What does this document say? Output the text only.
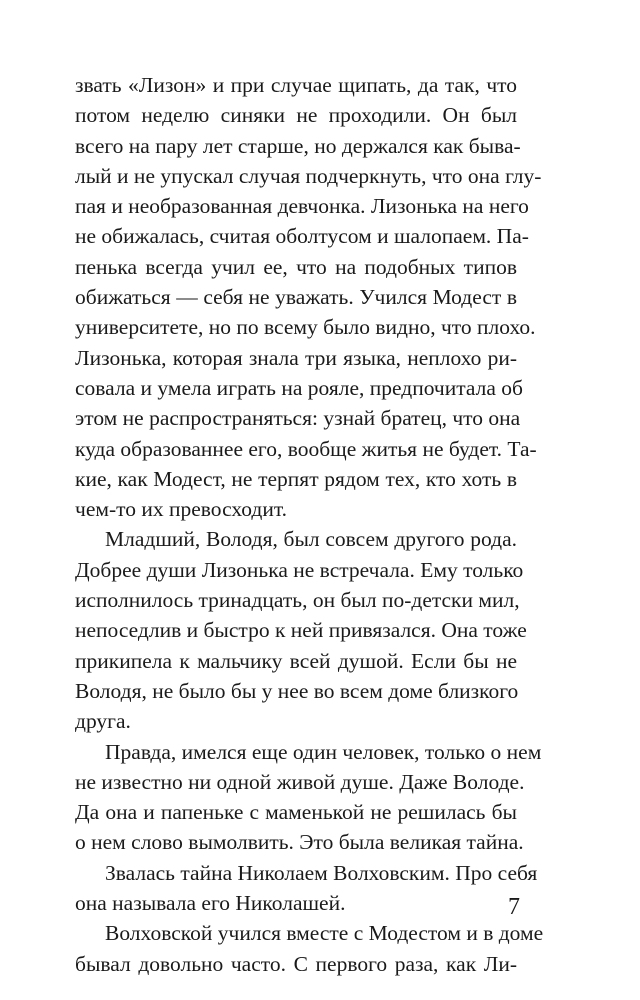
звать «Лизон» и при случае щипать, да так, что
потом неделю синяки не проходили. Он был
всего на пару лет старше, но держался как быва-
лый и не упускал случая подчеркнуть, что она глу-
пая и необразованная девчонка. Лизонька на него
не обижалась, считая оболтусом и шалопаем. Па-
пенька всегда учил ее, что на подобных типов
обижаться — себя не уважать. Учился Модест в
университете, но по всему было видно, что плохо.
Лизонька, которая знала три языка, неплохо ри-
совала и умела играть на рояле, предпочитала об
этом не распространяться: узнай братец, что она
куда образованнее его, вообще житья не будет. Та-
кие, как Модест, не терпят рядом тех, кто хоть в
чем-то их превосходит.
Младший, Володя, был совсем другого рода.
Добрее души Лизонька не встречала. Ему только
исполнилось тринадцать, он был по-детски мил,
непоседлив и быстро к ней привязался. Она тоже
прикипела к мальчику всей душой. Если бы не
Володя, не было бы у нее во всем доме близкого
друга.
Правда, имелся еще один человек, только о нем
не известно ни одной живой душе. Даже Володе.
Да она и папеньке с маменькой не решилась бы
о нем слово вымолвить. Это была великая тайна.
Звалась тайна Николаем Волховским. Про себя
она называла его Николашей.
Волховской учился вместе с Модестом и в доме
бывал довольно часто. С первого раза, как Ли-
7
